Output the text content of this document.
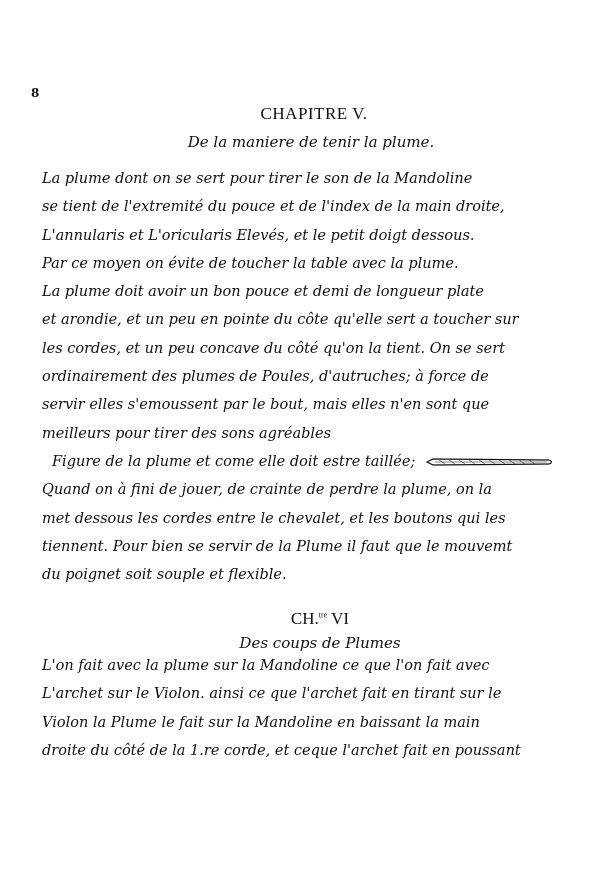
8
CHAPITRE V.
De la maniere de tenir la plume.
La plume dont on se sert pour tirer le son de la Mandoline
se tient de l'extremité du pouce et de l'index de la main droite,
L'annularis et L'oricularis Elevés, et le petit doigt dessous.
Par ce moyen on évite de toucher la table avec la plume.
La plume doit avoir un bon pouce et demi de longueur plate
et arondie, et un peu en pointe du côte qu'elle sert a toucher sur
les cordes, et un peu concave du côté qu'on la tient. On se sert
ordinairement des plumes de Poules, d'autruches; à force de
servir elles s'emoussent par le bout, mais elles n'en sont que
meilleurs pour tirer des sons agréables
Figure de la plume et come elle doit estre taillée;
Quand on à fini de jouer, de crainte de perdre la plume, on la
met dessous les cordes entre le chevalet, et les boutons qui les
tiennent. Pour bien se servir de la Plume il faut que le mouvemt
du poignet soit souple et flexible.
CH.$^{tre}$ VI
Des coups de Plumes
L'on fait avec la plume sur la Mandoline ce que l'on fait avec
L'archet sur le Violon. ainsi ce que l'archet fait en tirant sur le
Violon la Plume le fait sur la Mandoline en baissant la main
droite du côté de la 1.re corde, et ceque l'archet fait en poussant
